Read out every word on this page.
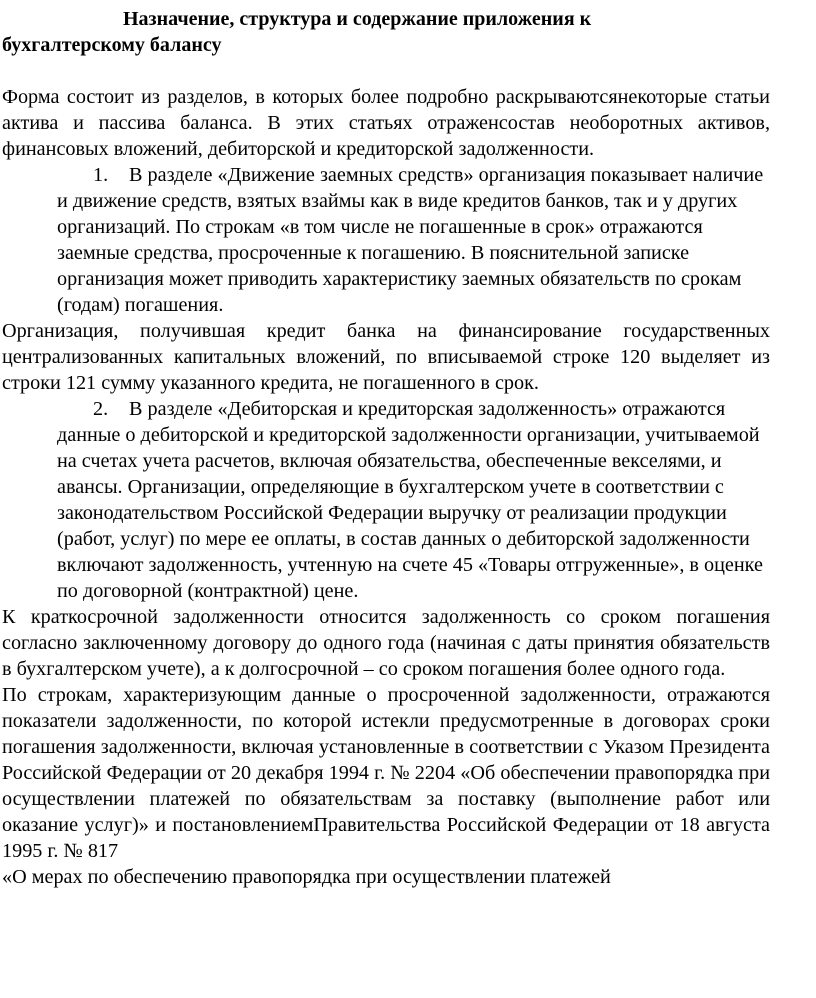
Назначение, структура и содержание приложения к
бухгалтерскому балансу

Форма состоит из разделов, в которых более подробно раскрываютсянекоторые статьи актива и пассива баланса. В этих статьях отраженсостав необоротных активов, финансовых вложений, дебиторской и кредиторской задолженности.

1. В разделе «Движение заемных средств» организация показывает наличие и движение средств, взятых взаймы как в виде кредитов банков, так и у других организаций. По строкам «в том числе не погашенные в срок» отражаются заемные средства, просроченные к погашению. В пояснительной записке организация может приводить характеристику заемных обязательств по срокам (годам) погашения.

Организация, получившая кредит банка на финансирование государственных централизованных капитальных вложений, по вписываемой строке 120 выделяет из строки 121 сумму указанного кредита, не погашенного в срок.

2. В разделе «Дебиторская и кредиторская задолженность» отражаются данные о дебиторской и кредиторской задолженности организации, учитываемой на счетах учета расчетов, включая обязательства, обеспеченные векселями, и авансы. Организации, определяющие в бухгалтерском учете в соответствии с законодательством Российской Федерации выручку от реализации продукции (работ, услуг) по мере ее оплаты, в состав данных о дебиторской задолженности включают задолженность, учтенную на счете 45 «Товары отгруженные», в оценке по договорной (контрактной) цене.

К краткосрочной задолженности относится задолженность со сроком погашения согласно заключенному договору до одного года (начиная с даты принятия обязательств в бухгалтерском учете), а к долгосрочной – со сроком погашения более одного года.

По строкам, характеризующим данные о просроченной задолженности, отражаются показатели задолженности, по которой истекли предусмотренные в договорах сроки погашения задолженности, включая установленные в соответствии с Указом Президента Российской Федерации от 20 декабря 1994 г. № 2204 «Об обеспечении правопорядка при осуществлении платежей по обязательствам за поставку (выполнение работ или оказание услуг)» и постановлениемПравительства Российской Федерации от 18 августа 1995 г. № 817

«О мерах по обеспечению правопорядка при осуществлении платежей
